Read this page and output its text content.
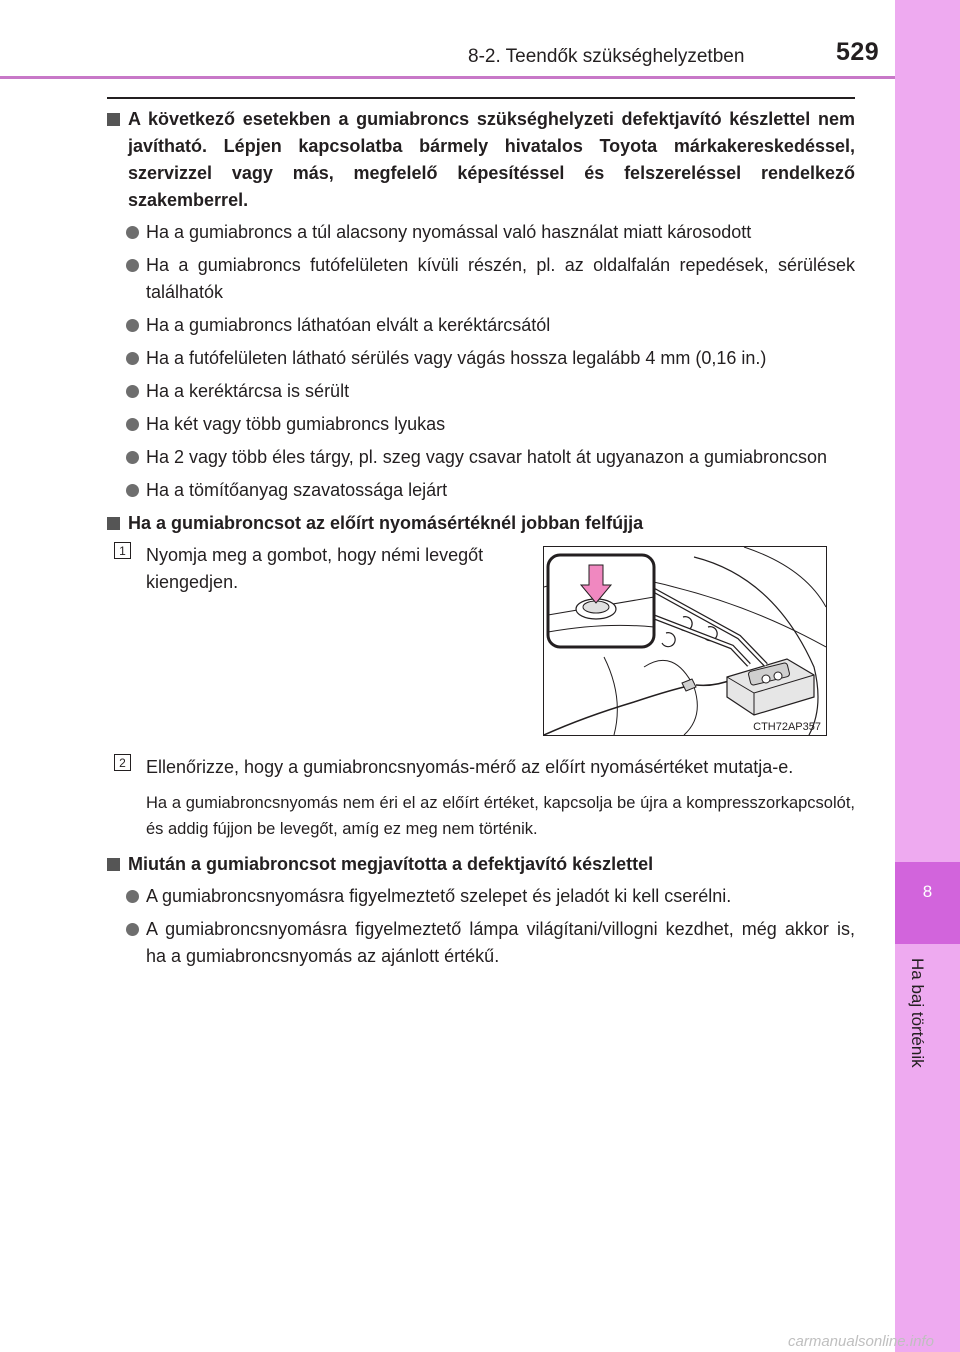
8-2. Teendők szükséghelyzetben	529
8
Ha baj történik
A következő esetekben a gumiabroncs szükséghelyzeti defektjavító készlettel nem javítható. Lépjen kapcsolatba bármely hivatalos Toyota márkakereskedéssel, szervizzel vagy más, megfelelő képesítéssel és felszereléssel rendelkező szakemberrel.
Ha a gumiabroncs a túl alacsony nyomással való használat miatt károsodott
Ha a gumiabroncs futófelületen kívüli részén, pl. az oldalfalán repedések, sérülések találhatók
Ha a gumiabroncs láthatóan elvált a keréktárcsától
Ha a futófelületen látható sérülés vagy vágás hossza legalább 4 mm (0,16 in.)
Ha a keréktárcsa is sérült
Ha két vagy több gumiabroncs lyukas
Ha 2 vagy több éles tárgy, pl. szeg vagy csavar hatolt át ugyanazon a gumiabroncson
Ha a tömítőanyag szavatossága lejárt
Ha a gumiabroncsot az előírt nyomásértéknél jobban felfújja
1 Nyomja meg a gombot, hogy némi levegőt kiengedjen.
CTH72AP357
2 Ellenőrizze, hogy a gumiabroncsnyomás-mérő az előírt nyomásértéket mutatja-e.
Ha a gumiabroncsnyomás nem éri el az előírt értéket, kapcsolja be újra a kompresszorkapcsolót, és addig fújjon be levegőt, amíg ez meg nem történik.
Miután a gumiabroncsot megjavította a defektjavító készlettel
A gumiabroncsnyomásra figyelmeztető szelepet és jeladót ki kell cserélni.
A gumiabroncsnyomásra figyelmeztető lámpa világítani/villogni kezdhet, még akkor is, ha a gumiabroncsnyomás az ajánlott értékű.
carmanualsonline.info
